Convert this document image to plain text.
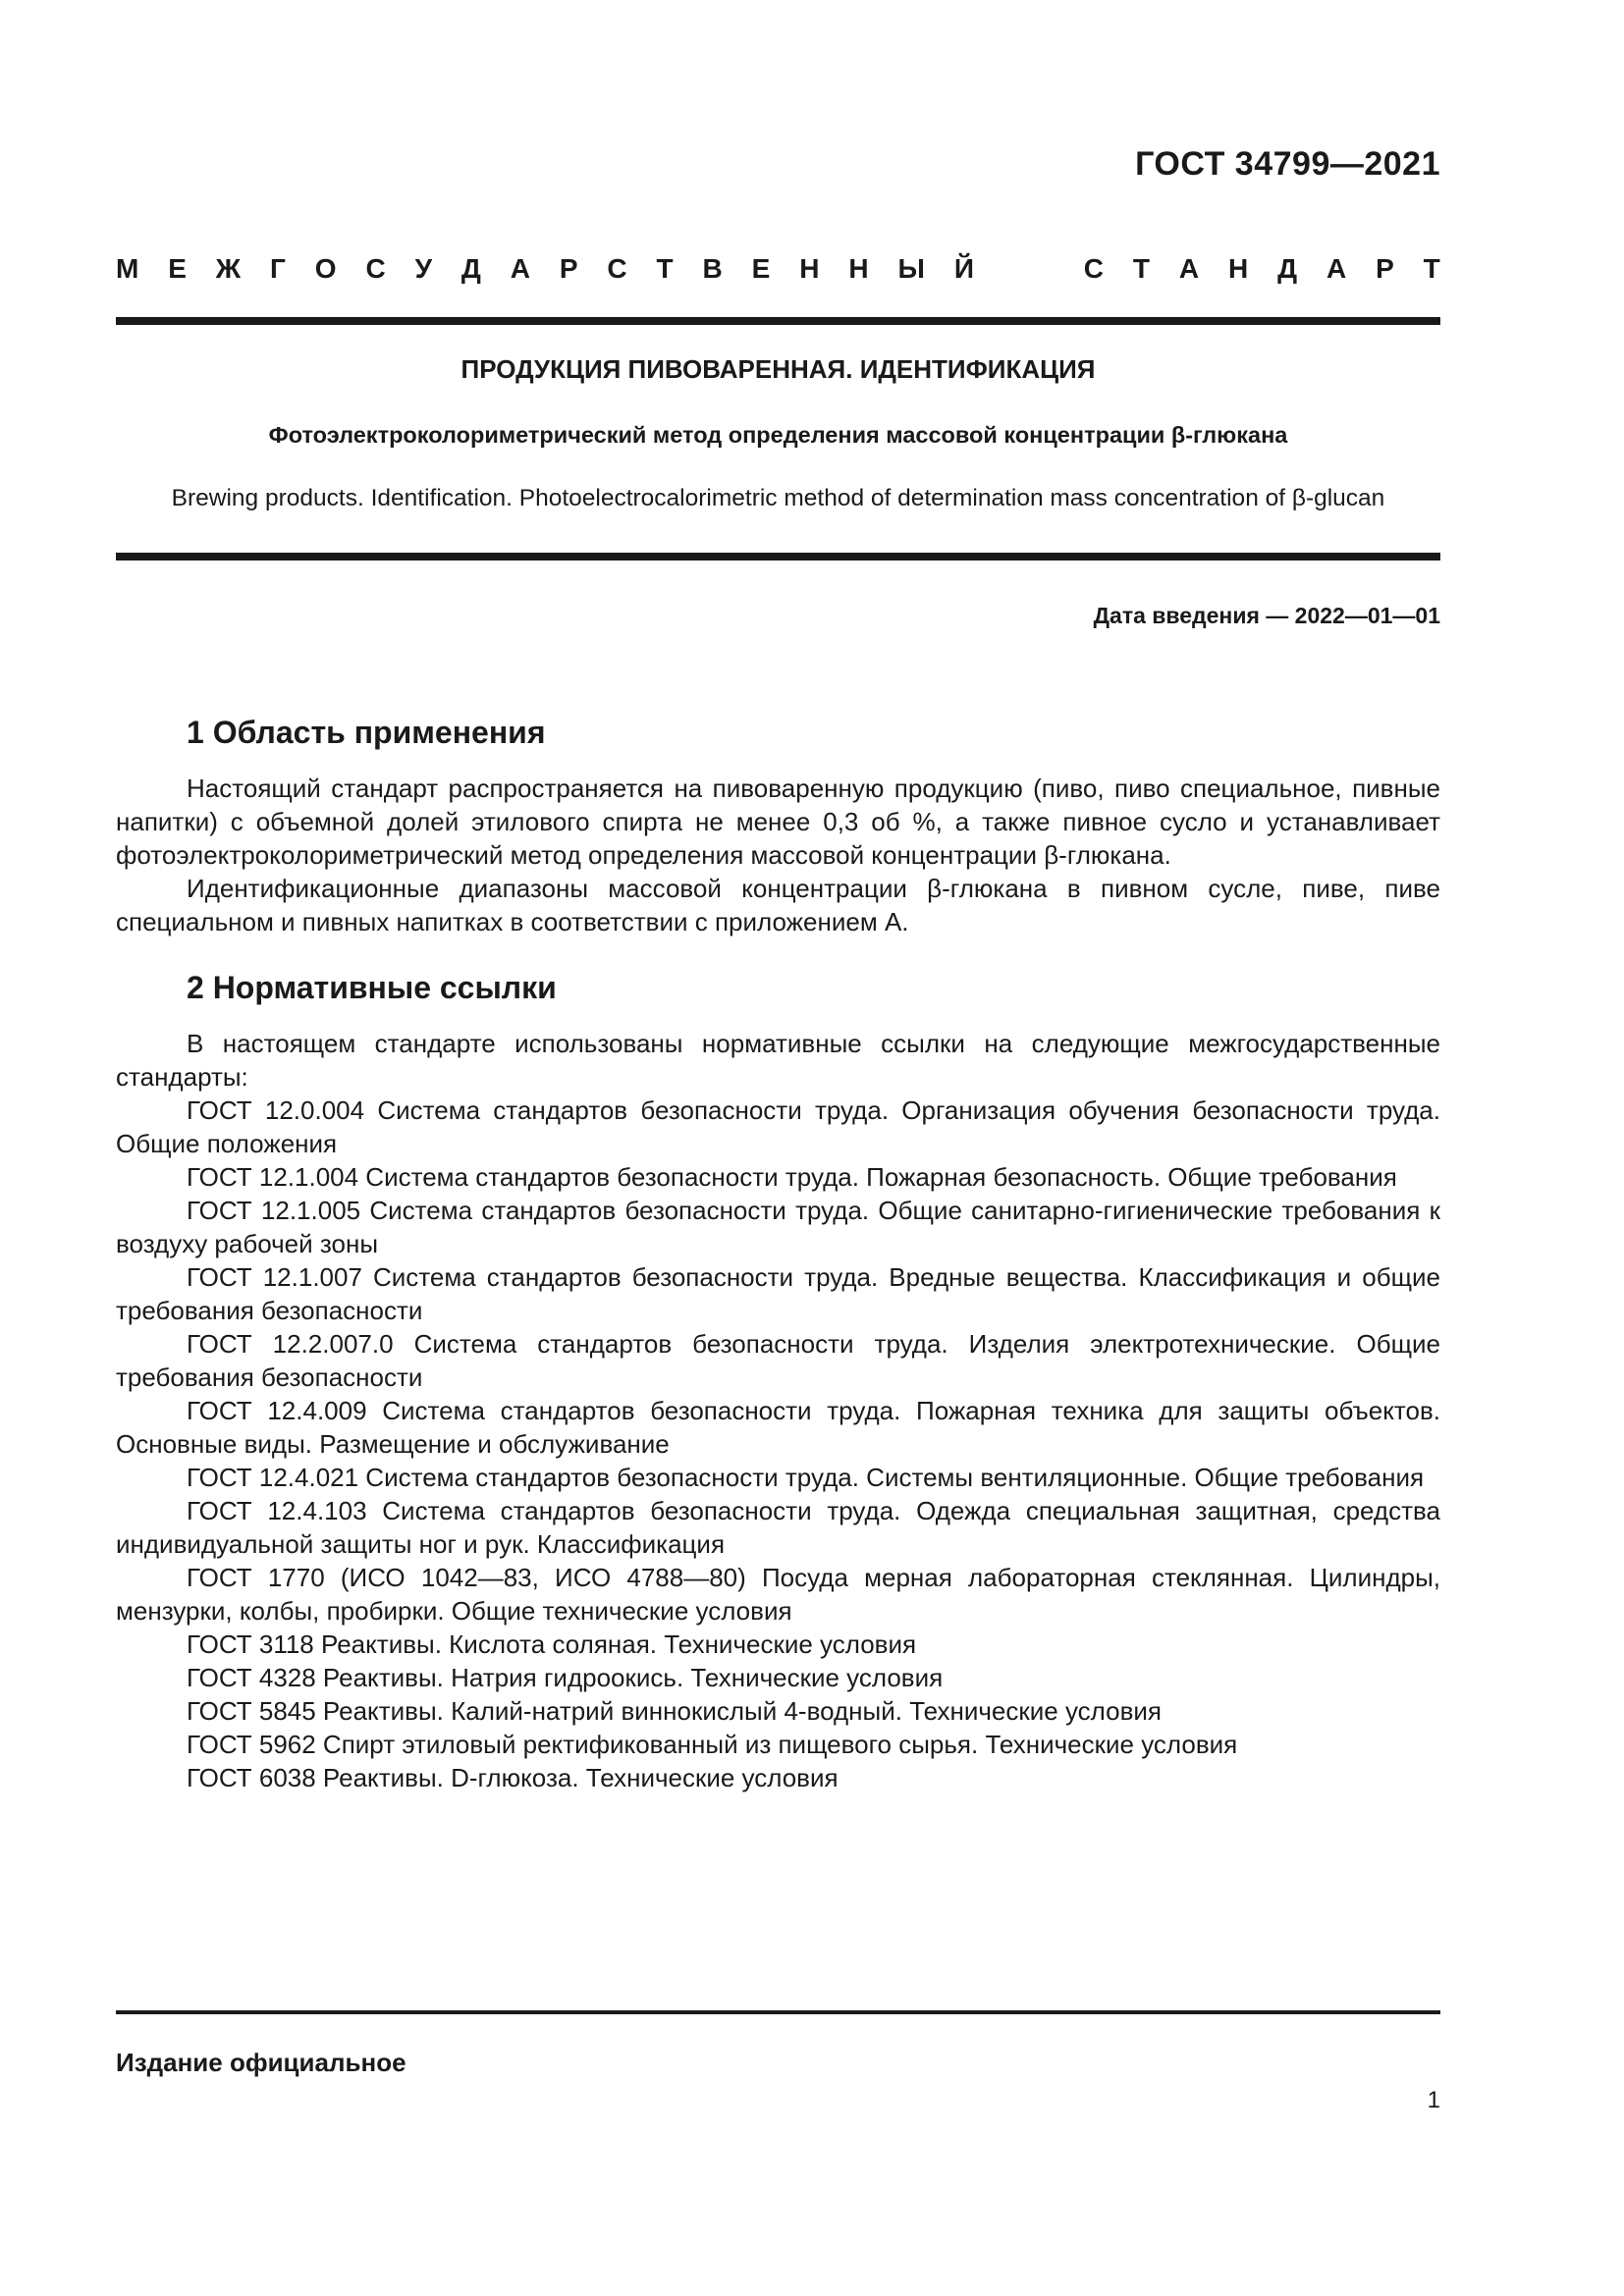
ГОСТ 34799—2021
М Е Ж Г О С У Д А Р С Т В Е Н Н Ы Й	С Т А Н Д А Р Т
ПРОДУКЦИЯ ПИВОВАРЕННАЯ. ИДЕНТИФИКАЦИЯ
Фотоэлектроколориметрический метод определения массовой концентрации β-глюкана
Brewing products. Identification. Photoelectrocalorimetric method of determination mass concentration of β-glucan
Дата введения — 2022—01—01
1 Область применения

Настоящий стандарт распространяется на пивоваренную продукцию (пиво, пиво специальное, пивные напитки) с объемной долей этилового спирта не менее 0,3 об %, а также пивное сусло и устанавливает фотоэлектроколориметрический метод определения массовой концентрации β-глюкана.

Идентификационные диапазоны массовой концентрации β-глюкана в пивном сусле, пиве, пиве специальном и пивных напитках в соответствии с приложением А.

2 Нормативные ссылки

В настоящем стандарте использованы нормативные ссылки на следующие межгосударственные стандарты:

ГОСТ 12.0.004 Система стандартов безопасности труда. Организация обучения безопасности труда. Общие положения

ГОСТ 12.1.004 Система стандартов безопасности труда. Пожарная безопасность. Общие требования

ГОСТ 12.1.005 Система стандартов безопасности труда. Общие санитарно-гигиенические требования к воздуху рабочей зоны

ГОСТ 12.1.007 Система стандартов безопасности труда. Вредные вещества. Классификация и общие требования безопасности

ГОСТ 12.2.007.0 Система стандартов безопасности труда. Изделия электротехнические. Общие требования безопасности

ГОСТ 12.4.009 Система стандартов безопасности труда. Пожарная техника для защиты объектов. Основные виды. Размещение и обслуживание

ГОСТ 12.4.021 Система стандартов безопасности труда. Системы вентиляционные. Общие требования

ГОСТ 12.4.103 Система стандартов безопасности труда. Одежда специальная защитная, средства индивидуальной защиты ног и рук. Классификация

ГОСТ 1770 (ИСО 1042—83, ИСО 4788—80) Посуда мерная лабораторная стеклянная. Цилиндры, мензурки, колбы, пробирки. Общие технические условия

ГОСТ 3118 Реактивы. Кислота соляная. Технические условия

ГОСТ 4328 Реактивы. Натрия гидроокись. Технические условия

ГОСТ 5845 Реактивы. Калий-натрий виннокислый 4-водный. Технические условия

ГОСТ 5962 Спирт этиловый ректификованный из пищевого сырья. Технические условия

ГОСТ 6038 Реактивы. D-глюкоза. Технические условия

Издание официальное
1
